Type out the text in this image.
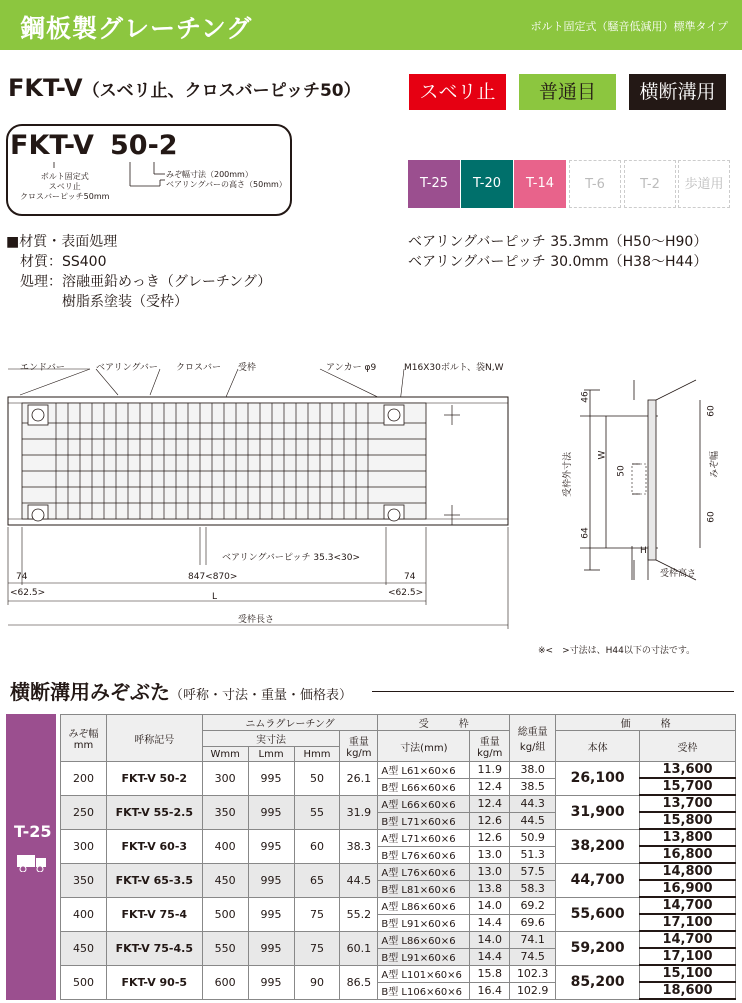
鋼板製グレーチング	ボルト固定式（騒音低減用）標準タイプ
FKT-V（スベリ止、クロスバーピッチ50）	スベリ止	普通目	横断溝用
FKT-V 50-2
ボルト固定式
スベリ止
クロスバーピッチ50mm
みぞ幅寸法（200mm）
ベアリングバーの高さ（50mm）	T-25	T-20	T-14	T-6	T-2	歩道用
■材質・表面処理
材質：SS400
処理：溶融亜鉛めっき（グレーチング）
樹脂系塗装（受枠）
ベアリングバーピッチ 35.3mm（H50～H90）
ベアリングバーピッチ 30.0mm（H38～H44）
エンドバー	ベアリングバー クロスバー 受枠	アンカー φ9	M16X30ボルト、袋N,W
ベアリングバーピッチ 35.3<30>
847<870>
74
<62.5>
74
<62.5>
L
受枠長さ
46
64
受枠外寸法	W
50
60
みぞ幅
60
H
受枠高さ
※<　>寸法は、H44以下の寸法です。
横断溝用みぞぶた（呼称・寸法・重量・価格表）
T-25
みぞ幅 mm	呼称記号	ニムラグレーチング				受　　　枠		総重量 kg/組	価　　　格	
		実寸法			重量 kg/m	寸法(mm)	重量 kg/m		本体	受枠
		Wmm	Lmm	Hmm						
200	FKT-V 50-2	300	995	50	26.1	A型 L61×60×6	11.9	38.0	26,100	13,600
						B型 L66×60×6	12.4	38.5		15,700
250	FKT-V 55-2.5	350	995	55	31.9	A型 L66×60×6	12.4	44.3	31,900	13,700
						B型 L71×60×6	12.6	44.5		15,800
300	FKT-V 60-3	400	995	60	38.3	A型 L71×60×6	12.6	50.9	38,200	13,800
						B型 L76×60×6	13.0	51.3		16,800
350	FKT-V 65-3.5	450	995	65	44.5	A型 L76×60×6	13.0	57.5	44,700	14,800
						B型 L81×60×6	13.8	58.3		16,900
400	FKT-V 75-4	500	995	75	55.2	A型 L86×60×6	14.0	69.2	55,600	14,700
						B型 L91×60×6	14.4	69.6		17,100
450	FKT-V 75-4.5	550	995	75	60.1	A型 L86×60×6	14.0	74.1	59,200	14,700
						B型 L91×60×6	14.4	74.5		17,100
500	FKT-V 90-5	600	995	90	86.5	A型 L101×60×6	15.8	102.3	85,200	15,100
						B型 L106×60×6	16.4	102.9		18,600
